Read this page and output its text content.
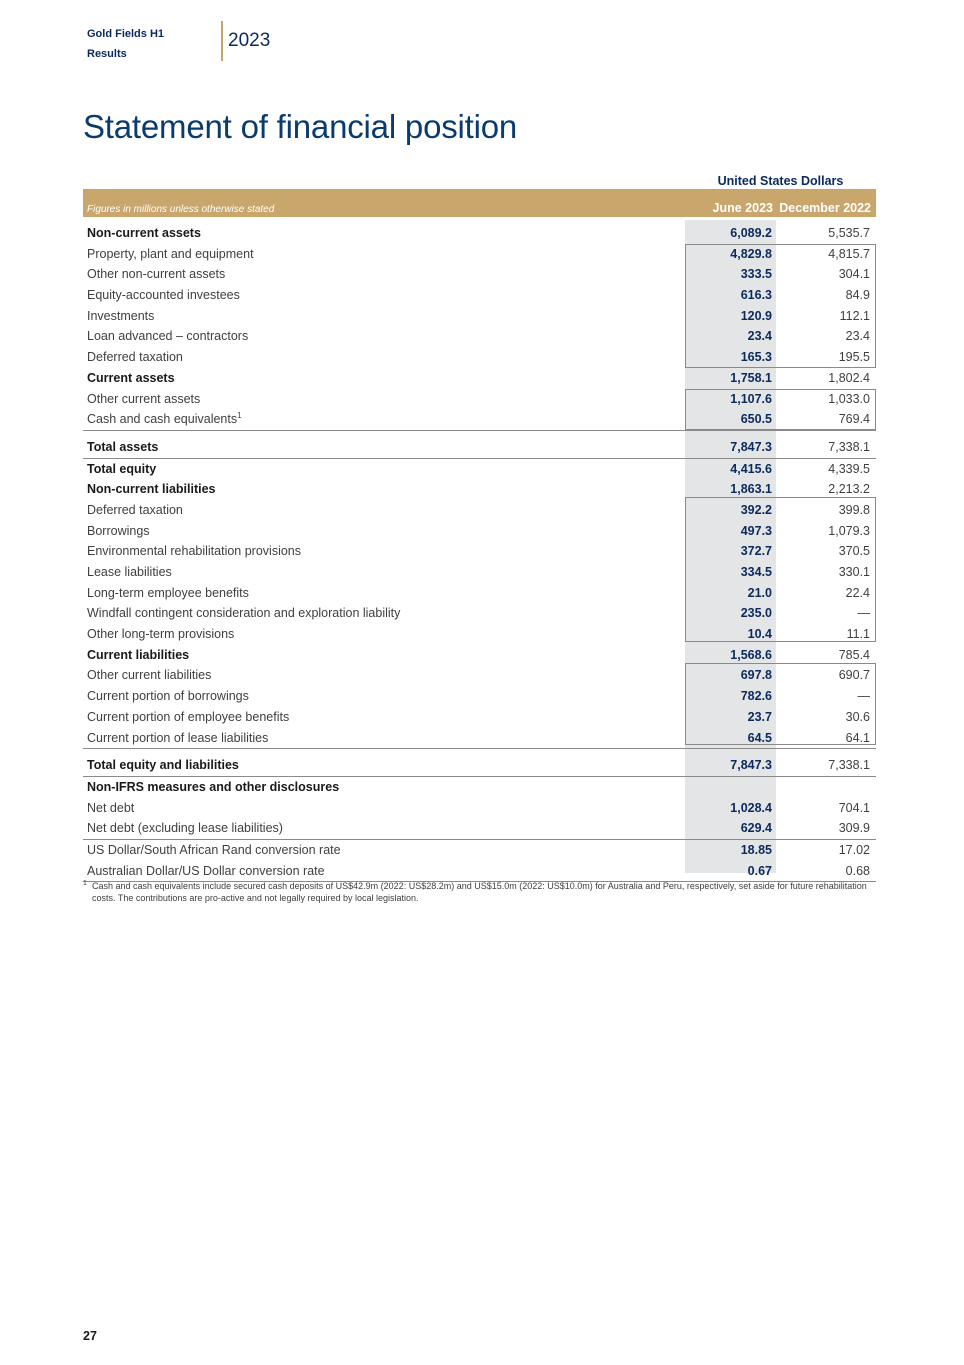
Gold Fields H1
Results
2023
Statement of financial position
United States Dollars
Figures in millions unless otherwise stated	June 2023 December 2022
Non-current assets	6,089.2	5,535.7
Property, plant and equipment	4,829.8	4,815.7
Other non-current assets	333.5	304.1
Equity-accounted investees	616.3	84.9
Investments	120.9	112.1
Loan advanced – contractors	23.4	23.4
Deferred taxation	165.3	195.5
Current assets	1,758.1	1,802.4
Other current assets	1,107.6	1,033.0
Cash and cash equivalents$^1$	650.5	769.4
Total assets	7,847.3	7,338.1
Total equity	4,415.6	4,339.5
Non-current liabilities	1,863.1	2,213.2
Deferred taxation	392.2	399.8
Borrowings	497.3	1,079.3
Environmental rehabilitation provisions	372.7	370.5
Lease liabilities	334.5	330.1
Long-term employee benefits	21.0	22.4
Windfall contingent consideration and exploration liability	235.0	—
Other long-term provisions	10.4	11.1
Current liabilities	1,568.6	785.4
Other current liabilities	697.8	690.7
Current portion of borrowings	782.6	—
Current portion of employee benefits	23.7	30.6
Current portion of lease liabilities	64.5	64.1
Total equity and liabilities	7,847.3	7,338.1
Non-IFRS measures and other disclosures
Net debt	1,028.4	704.1
Net debt (excluding lease liabilities)	629.4	309.9
US Dollar/South African Rand conversion rate	18.85	17.02
Australian Dollar/US Dollar conversion rate	0.67	0.68
1 Cash and cash equivalents include secured cash deposits of US$42.9m (2022: US$28.2m) and US$15.0m (2022: US$10.0m) for Australia and Peru, respectively, set aside for future rehabilitation costs. The contributions are pro-active and not legally required by local legislation.
27
